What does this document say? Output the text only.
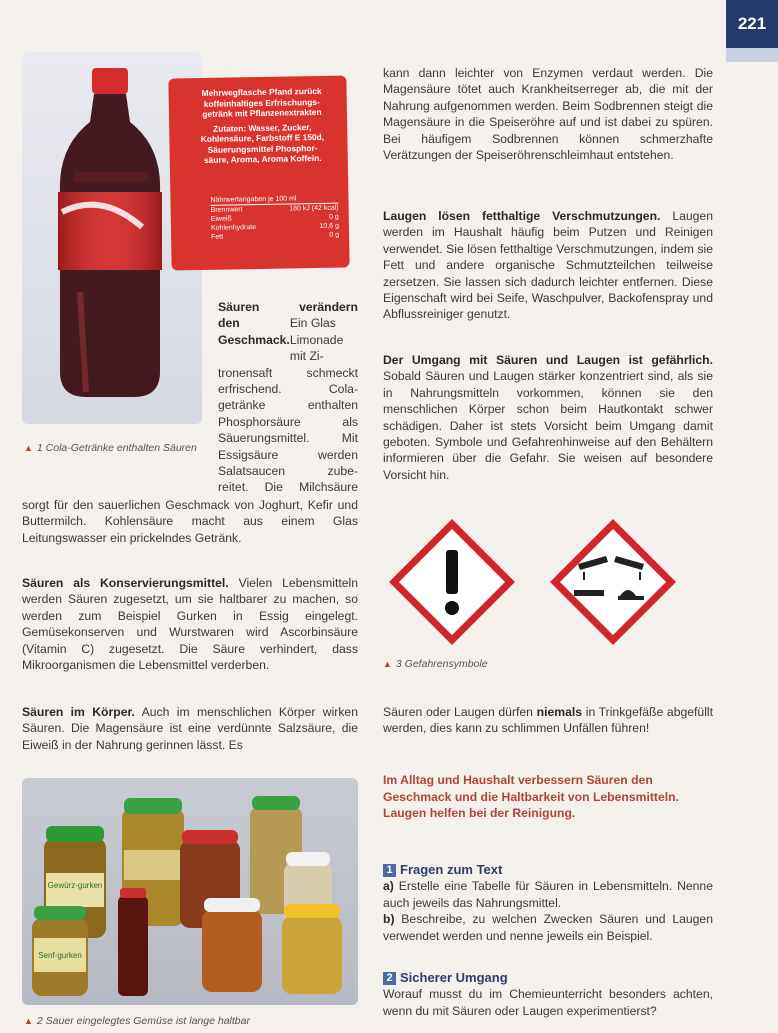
221
▲ 1 Cola-Getränke enthalten Säuren
Mehrwegflasche Pfand zurück
koffeinhaltiges Erfrischungs-
getränk mit Pflanzenextrakten
Zutaten: Wasser, Zucker,
Kohlensäure, Farbstoff E 150d,
Säuerungsmittel Phosphor-
säure, Aroma, Aroma Koffein.
Nährwertangaben je 100 ml
Brennwert	180 kJ (42 kcal)
Eiweiß	0 g
Kohlenhydrate	10,6 g
Fett	0 g
Säuren	verändern
den Geschmack.
Ein Glas Limonade mit Zi-
tronensaft schmeckt
erfrischend. Cola-
getränke enthalten
Phosphorsäure als
Säuerungsmittel. Mit
Essigsäure werden
Salatsaucen zube-
reitet. Die Milchsäure
sorgt für den sauerlichen Geschmack von Joghurt, Kefir und Buttermilch. Kohlensäure macht aus einem Glas Leitungswasser ein prickelndes Getränk.
Säuren als Konservierungsmittel. Vielen Lebensmitteln werden Säuren zugesetzt, um sie haltbarer zu machen, so werden zum Beispiel Gurken in Essig eingelegt. Gemüsekonserven und Wurstwaren wird Ascorbinsäure (Vitamin C) zugesetzt. Die Säure verhindert, dass Mikroorganismen die Lebensmittel verderben.
Säuren im Körper. Auch im menschlichen Körper wirken Säuren. Die Magensäure ist eine verdünnte Salzsäure, die Eiweiß in der Nahrung gerinnen lässt. Es
Gewürz-gurken
Senf-gurken
▲ 2 Sauer eingelegtes Gemüse ist lange haltbar
kann dann leichter von Enzymen verdaut werden. Die Magensäure tötet auch Krankheitserreger ab, die mit der Nahrung aufgenommen werden. Beim Sodbrennen steigt die Magensäure in die Speiseröhre auf und ist dabei zu spüren. Bei häufigem Sodbrennen können schmerzhafte Verätzungen der Speiseröhrenschleimhaut entstehen.
Laugen lösen fetthaltige Verschmutzungen. Laugen werden im Haushalt häufig beim Putzen und Reinigen verwendet. Sie lösen fetthaltige Verschmutzungen, indem sie Fett und andere organische Schmutzteilchen teilweise zersetzen. Sie lassen sich dadurch leichter entfernen. Diese Eigenschaft wird bei Seife, Waschpulver, Backofenspray und Abflussreiniger genutzt.
Der Umgang mit Säuren und Laugen ist gefährlich. Sobald Säuren und Laugen stärker konzentriert sind, als sie in Nahrungsmitteln vorkommen, können sie den menschlichen Körper schon beim Hautkontakt schwer schädigen. Daher ist stets Vorsicht beim Umgang damit geboten. Symbole und Gefahrenhinweise auf den Behältern informieren über die Gefahr. Sie weisen auf besondere Vorsicht hin.
▲ 3 Gefahrensymbole
Säuren oder Laugen dürfen niemals in Trinkgefäße abgefüllt werden, dies kann zu schlimmen Unfällen führen!
Im Alltag und Haushalt verbessern Säuren den Geschmack und die Haltbarkeit von Lebensmitteln. Laugen helfen bei der Reinigung.
1 Fragen zum Text
a) Erstelle eine Tabelle für Säuren in Lebensmitteln. Nenne auch jeweils das Nahrungsmittel.
b) Beschreibe, zu welchen Zwecken Säuren und Laugen verwendet werden und nenne jeweils ein Beispiel.
2 Sicherer Umgang
Worauf musst du im Chemieunterricht besonders achten, wenn du mit Säuren oder Laugen experimentierst?
